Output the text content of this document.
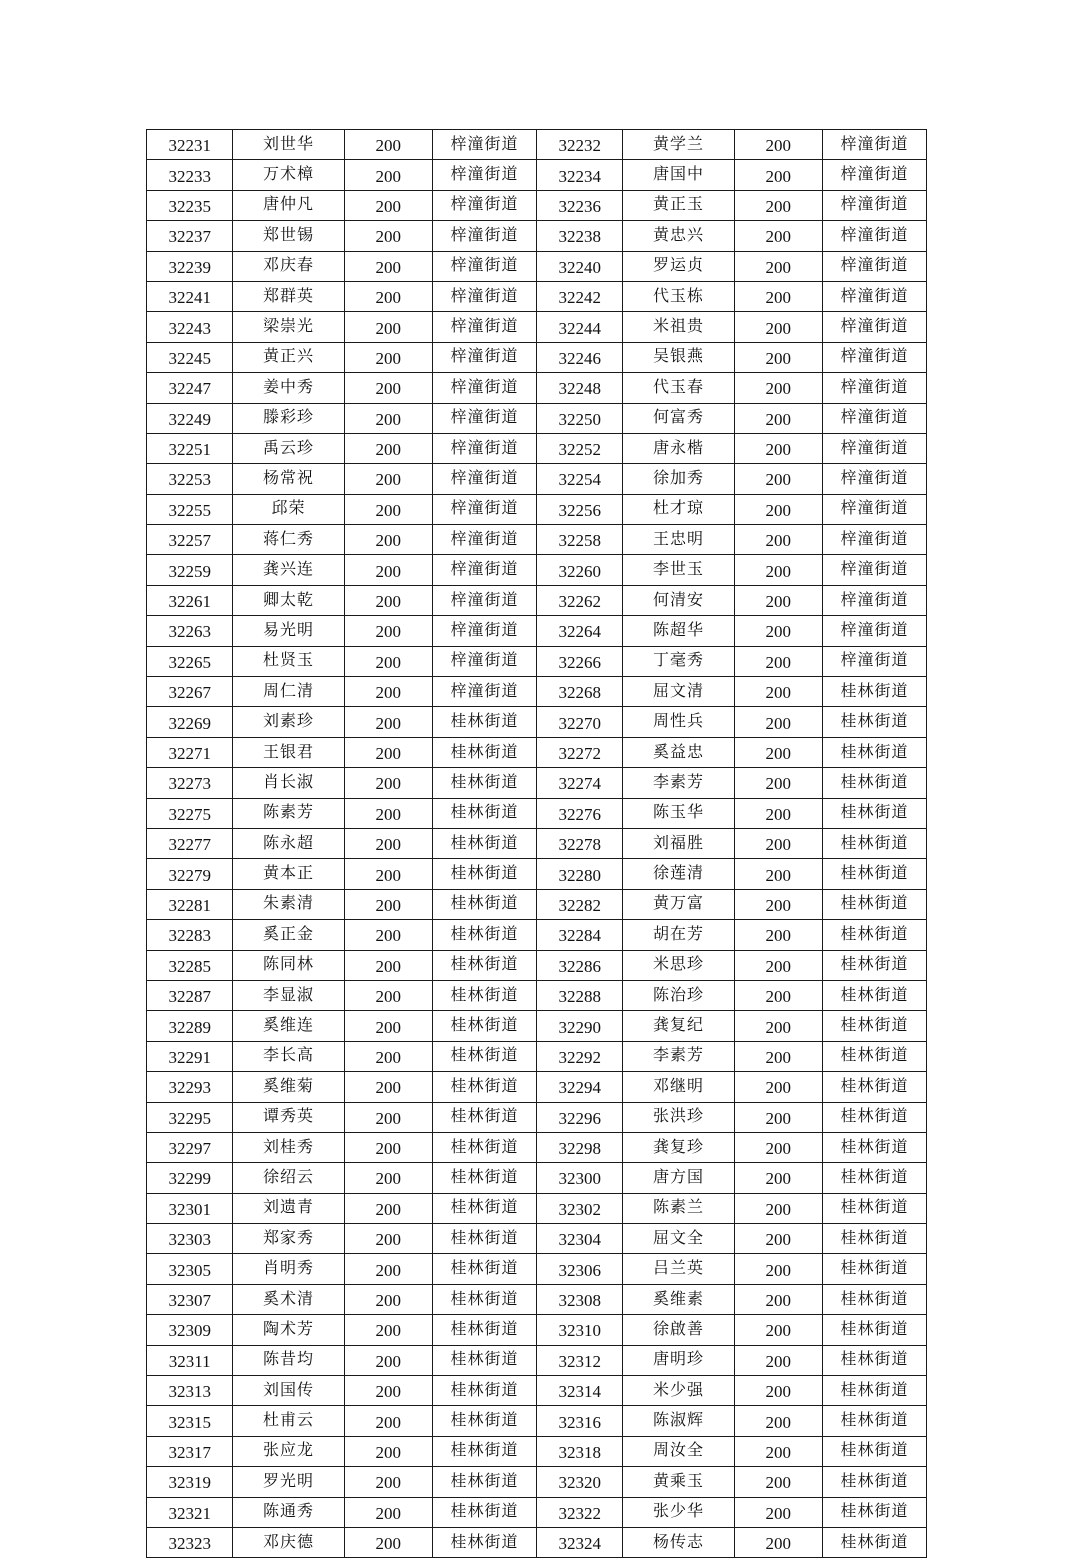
32231	刘世华	200	梓潼街道	32232	黄学兰	200	梓潼街道
32233	万术樟	200	梓潼街道	32234	唐国中	200	梓潼街道
32235	唐仲凡	200	梓潼街道	32236	黄正玉	200	梓潼街道
32237	郑世锡	200	梓潼街道	32238	黄忠兴	200	梓潼街道
32239	邓庆春	200	梓潼街道	32240	罗运贞	200	梓潼街道
32241	郑群英	200	梓潼街道	32242	代玉栋	200	梓潼街道
32243	梁崇光	200	梓潼街道	32244	米祖贵	200	梓潼街道
32245	黄正兴	200	梓潼街道	32246	吴银燕	200	梓潼街道
32247	姜中秀	200	梓潼街道	32248	代玉春	200	梓潼街道
32249	滕彩珍	200	梓潼街道	32250	何富秀	200	梓潼街道
32251	禹云珍	200	梓潼街道	32252	唐永楷	200	梓潼街道
32253	杨常祝	200	梓潼街道	32254	徐加秀	200	梓潼街道
32255	邱荣	200	梓潼街道	32256	杜才琼	200	梓潼街道
32257	蒋仁秀	200	梓潼街道	32258	王忠明	200	梓潼街道
32259	龚兴连	200	梓潼街道	32260	李世玉	200	梓潼街道
32261	卿太乾	200	梓潼街道	32262	何清安	200	梓潼街道
32263	易光明	200	梓潼街道	32264	陈超华	200	梓潼街道
32265	杜贤玉	200	梓潼街道	32266	丁毫秀	200	梓潼街道
32267	周仁清	200	梓潼街道	32268	屈文清	200	桂林街道
32269	刘素珍	200	桂林街道	32270	周性兵	200	桂林街道
32271	王银君	200	桂林街道	32272	奚益忠	200	桂林街道
32273	肖长淑	200	桂林街道	32274	李素芳	200	桂林街道
32275	陈素芳	200	桂林街道	32276	陈玉华	200	桂林街道
32277	陈永超	200	桂林街道	32278	刘福胜	200	桂林街道
32279	黄本正	200	桂林街道	32280	徐莲清	200	桂林街道
32281	朱素清	200	桂林街道	32282	黄万富	200	桂林街道
32283	奚正金	200	桂林街道	32284	胡在芳	200	桂林街道
32285	陈同林	200	桂林街道	32286	米思珍	200	桂林街道
32287	李显淑	200	桂林街道	32288	陈治珍	200	桂林街道
32289	奚维连	200	桂林街道	32290	龚复纪	200	桂林街道
32291	李长高	200	桂林街道	32292	李素芳	200	桂林街道
32293	奚维菊	200	桂林街道	32294	邓继明	200	桂林街道
32295	谭秀英	200	桂林街道	32296	张洪珍	200	桂林街道
32297	刘桂秀	200	桂林街道	32298	龚复珍	200	桂林街道
32299	徐绍云	200	桂林街道	32300	唐方国	200	桂林街道
32301	刘遗青	200	桂林街道	32302	陈素兰	200	桂林街道
32303	郑家秀	200	桂林街道	32304	屈文全	200	桂林街道
32305	肖明秀	200	桂林街道	32306	吕兰英	200	桂林街道
32307	奚术清	200	桂林街道	32308	奚维素	200	桂林街道
32309	陶术芳	200	桂林街道	32310	徐啟善	200	桂林街道
32311	陈昔均	200	桂林街道	32312	唐明珍	200	桂林街道
32313	刘国传	200	桂林街道	32314	米少强	200	桂林街道
32315	杜甫云	200	桂林街道	32316	陈淑辉	200	桂林街道
32317	张应龙	200	桂林街道	32318	周汝全	200	桂林街道
32319	罗光明	200	桂林街道	32320	黄乘玉	200	桂林街道
32321	陈通秀	200	桂林街道	32322	张少华	200	桂林街道
32323	邓庆德	200	桂林街道	32324	杨传志	200	桂林街道
